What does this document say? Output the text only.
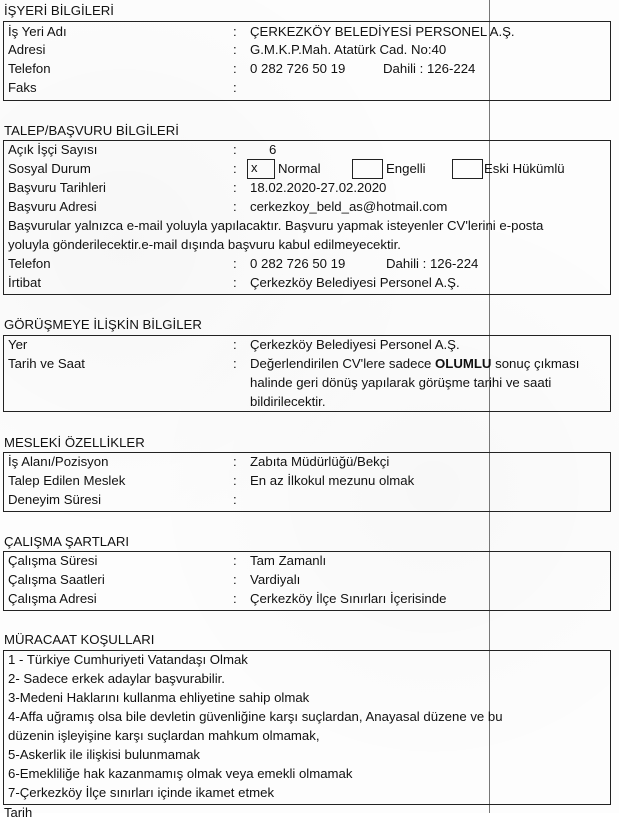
İŞYERİ BİLGİLERİ
İş Yeri Adı	: ÇERKEZKÖY BELEDİYESİ PERSONEL A.Ş.
Adresi	: G.M.K.P.Mah. Atatürk Cad. No:40
Telefon	: 0 282 726 50 19	Dahili : 126-224
Faks	:
TALEP/BAŞVURU BİLGİLERİ
Açık İşçi Sayısı	: 6
Sosyal Durum	:	x	Normal	Engelli	Eski Hükümlü
Başvuru Tarihleri	: 18.02.2020-27.02.2020
Başvuru Adresi	: cerkezkoy_beld_as@hotmail.com
Başvurular yalnızca e-mail yoluyla yapılacaktır. Başvuru yapmak isteyenler CV'lerini e-posta
yoluyla gönderilecektir.e-mail dışında başvuru kabul edilmeyecektir.
Telefon	: 0 282 726 50 19	Dahili : 126-224
İrtibat	: Çerkezköy Belediyesi Personel A.Ş.
GÖRÜŞMEYE İLİŞKİN BİLGİLER
Yer	: Çerkezköy Belediyesi Personel A.Ş.
Tarih ve Saat	: Değerlendirilen CV'lere sadece OLUMLU sonuç çıkması
halinde geri dönüş yapılarak görüşme tarihi ve saati
bildirilecektir.
MESLEKİ ÖZELLİKLER
İş Alanı/Pozisyon	: Zabıta Müdürlüğü/Bekçi
Talep Edilen Meslek	: En az İlkokul mezunu olmak
Deneyim Süresi	:
ÇALIŞMA ŞARTLARI
Çalışma Süresi	: Tam Zamanlı
Çalışma Saatleri	: Vardiyalı
Çalışma Adresi	: Çerkezköy İlçe Sınırları İçerisinde
MÜRACAAT KOŞULLARI
1 - Türkiye Cumhuriyeti Vatandaşı Olmak
2- Sadece erkek adaylar başvurabilir.
3-Medeni Haklarını kullanma ehliyetine sahip olmak
4-Affa uğramış olsa bile devletin güvenliğine karşı suçlardan, Anayasal düzene ve bu
düzenin işleyişine karşı suçlardan mahkum olmamak,
5-Askerlik ile ilişkisi bulunmamak
6-Emekliliğe hak kazanmamış olmak veya emekli olmamak
7-Çerkezköy İlçe sınırları içinde ikamet etmek
Tarih
